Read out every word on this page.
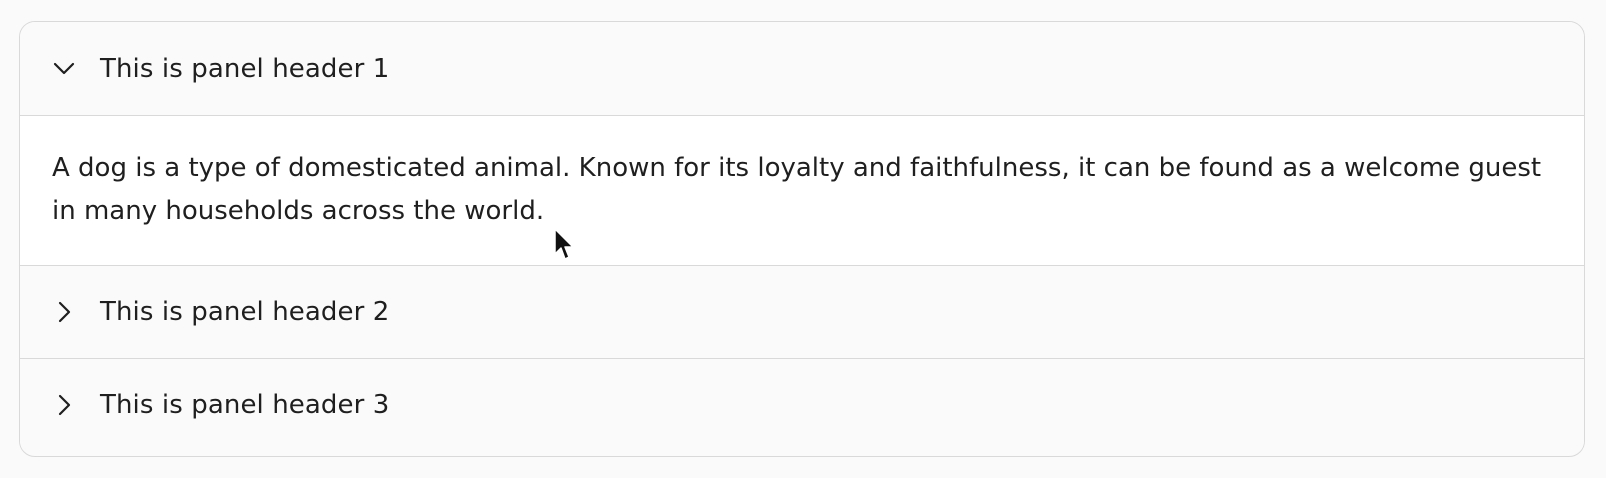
This is panel header 1

A dog is a type of domesticated animal. Known for its loyalty and faithfulness, it can be found as a welcome guest in many households across the world.

This is panel header 2
This is panel header 3
